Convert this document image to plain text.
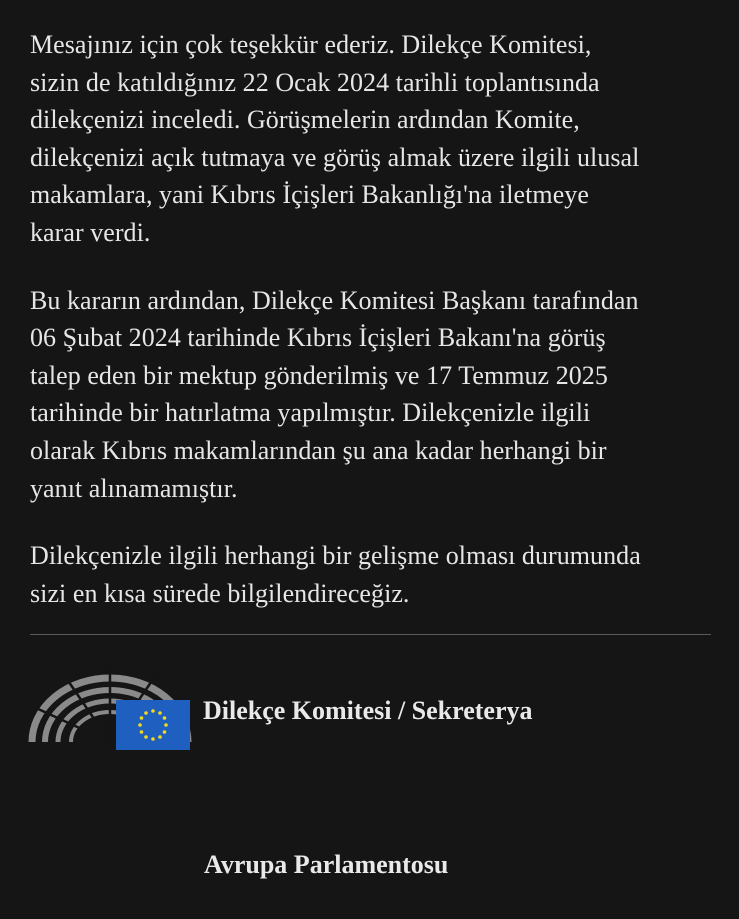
Mesajınız için çok teşekkür ederiz. Dilekçe Komitesi,
sizin de katıldığınız 22 Ocak 2024 tarihli toplantısında
dilekçenizi inceledi. Görüşmelerin ardından Komite,
dilekçenizi açık tutmaya ve görüş almak üzere ilgili ulusal
makamlara, yani Kıbrıs İçişleri Bakanlığı'na iletmeye
karar verdi.

Bu kararın ardından, Dilekçe Komitesi Başkanı tarafından
06 Şubat 2024 tarihinde Kıbrıs İçişleri Bakanı'na görüş
talep eden bir mektup gönderilmiş ve 17 Temmuz 2025
tarihinde bir hatırlatma yapılmıştır. Dilekçenizle ilgili
olarak Kıbrıs makamlarından şu ana kadar herhangi bir
yanıt alınamamıştır.

Dilekçenizle ilgili herhangi bir gelişme olması durumunda
sizi en kısa sürede bilgilendireceğiz.

Dilekçe Komitesi / Sekreterya
Avrupa Parlamentosu
